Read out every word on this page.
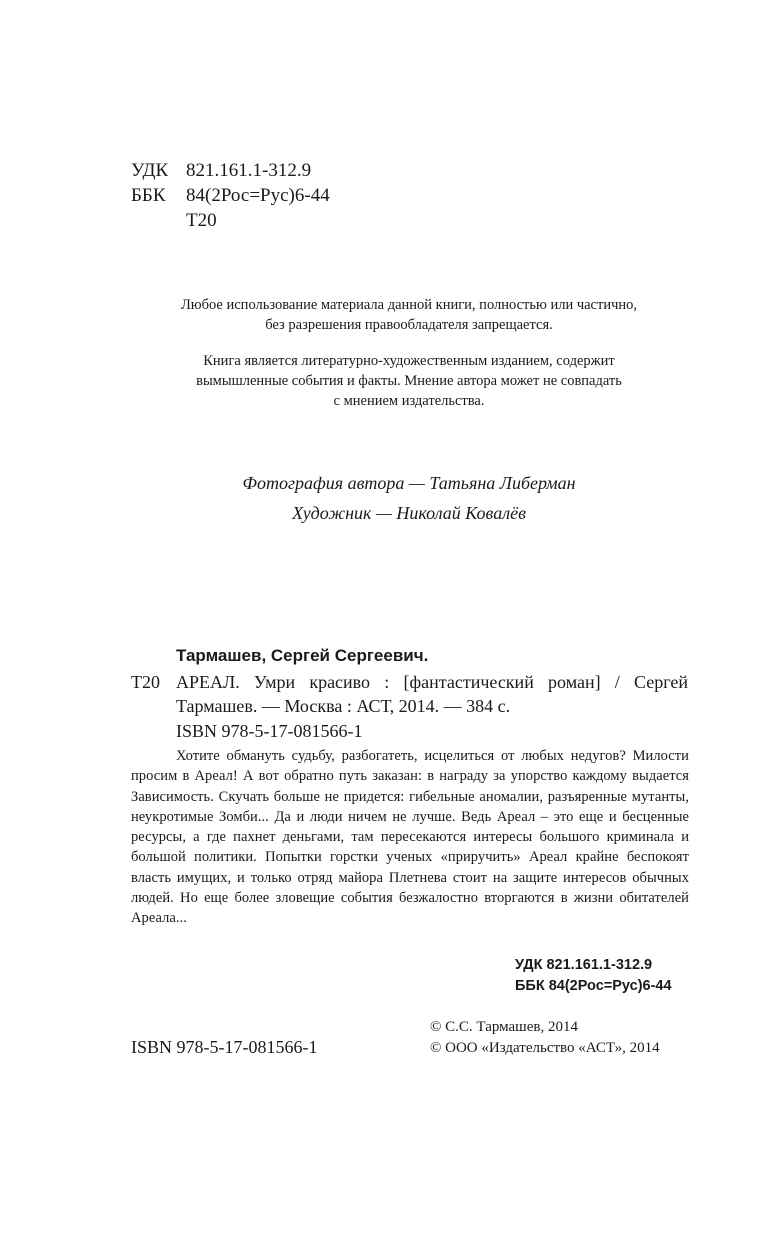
УДК 821.161.1-312.9
ББК	84(2Рос=Рус)6-44
Т20
Любое использование материала данной книги, полностью или частично,
без разрешения правообладателя запрещается.
Книга является литературно-художественным изданием, содержит
вымышленные события и факты. Мнение автора может не совпадать
с мнением издательства.
Фотография автора — Татьяна Либерман
Художник — Николай Ковалёв
Тармашев, Сергей Сергеевич.
Т20 АРЕАЛ. Умри красиво : [фантастический роман] / Сергей Тармашев. — Москва : АСТ, 2014. — 384 с.
ISBN 978-5-17-081566-1
Хотите обмануть судьбу, разбогатеть, исцелиться от любых недугов? Милости просим в Ареал! А вот обратно путь заказан: в награду за упорство каждому выдается Зависимость. Скучать больше не придется: гибельные аномалии, разъяренные мутанты, неукротимые Зомби... Да и люди ничем не лучше. Ведь Ареал – это еще и бесценные ресурсы, а где пахнет деньгами, там пересекаются интересы большого криминала и большой политики. Попытки горстки ученых «приручить» Ареал крайне беспокоят власть имущих, и только отряд майора Плетнева стоит на защите интересов обычных людей. Но еще более зловещие события безжалостно вторгаются в жизни обитателей Ареала...
УДК 821.161.1-312.9
ББК 84(2Рос=Рус)6-44
© С.С. Тармашев, 2014
© ООО «Издательство «АСТ», 2014
ISBN 978-5-17-081566-1
